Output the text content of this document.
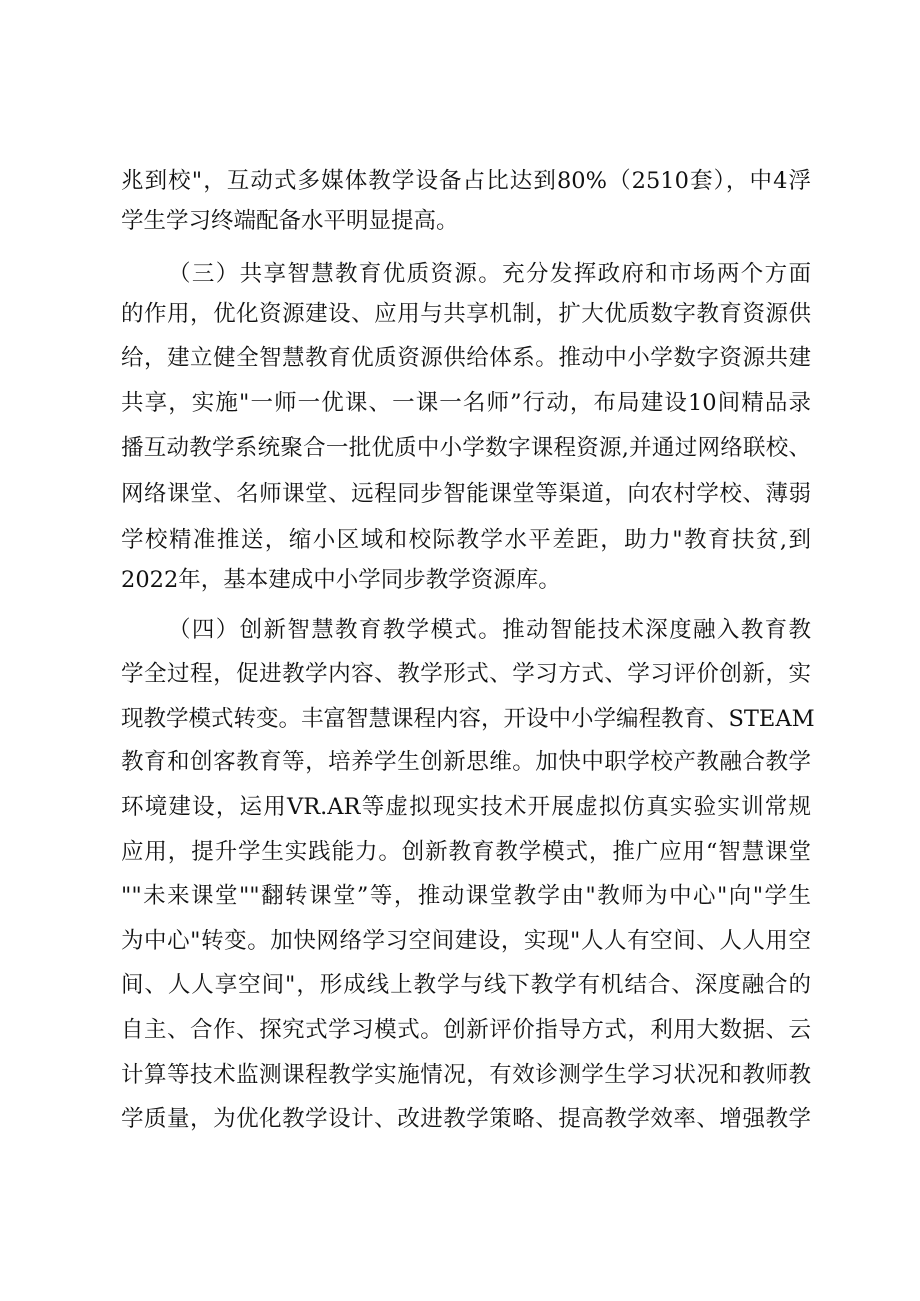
兆到校"，互动式多媒体教学设备占比达到80%（2510套），中4浮

学生学习终端配备水平明显提高。

（三）共享智慧教育优质资源。充分发挥政府和市场两个方面

的作用，优化资源建设、应用与共享机制，扩大优质数字教育资源供

给，建立健全智慧教育优质资源供给体系。推动中小学数字资源共建

共享，实施"一师一优课、一课一名师”行动，布局建设10间精品录

播互动教学系统聚合一批优质中小学数字课程资源,并通过网络联校、

网络课堂、名师课堂、远程同步智能课堂等渠道，向农村学校、薄弱

学校精准推送，缩小区域和校际教学水平差距，助力"教育扶贫,到

2022年，基本建成中小学同步教学资源库。

（四）创新智慧教育教学模式。推动智能技术深度融入教育教

学全过程，促进教学内容、教学形式、学习方式、学习评价创新，实

现教学模式转变。丰富智慧课程内容，开设中小学编程教育、STEAM

教育和创客教育等，培养学生创新思维。加快中职学校产教融合教学

环境建设，运用VR.AR等虚拟现实技术开展虚拟仿真实验实训常规

应用，提升学生实践能力。创新教育教学模式，推广应用“智慧课堂

""未来课堂""翻转课堂”等，推动课堂教学由"教师为中心"向"学生

为中心"转变。加快网络学习空间建设，实现"人人有空间、人人用空

间、人人享空间"，形成线上教学与线下教学有机结合、深度融合的

自主、合作、探究式学习模式。创新评价指导方式，利用大数据、云

计算等技术监测课程教学实施情况，有效诊测学生学习状况和教师教

学质量，为优化教学设计、改进教学策略、提高教学效率、增强教学
